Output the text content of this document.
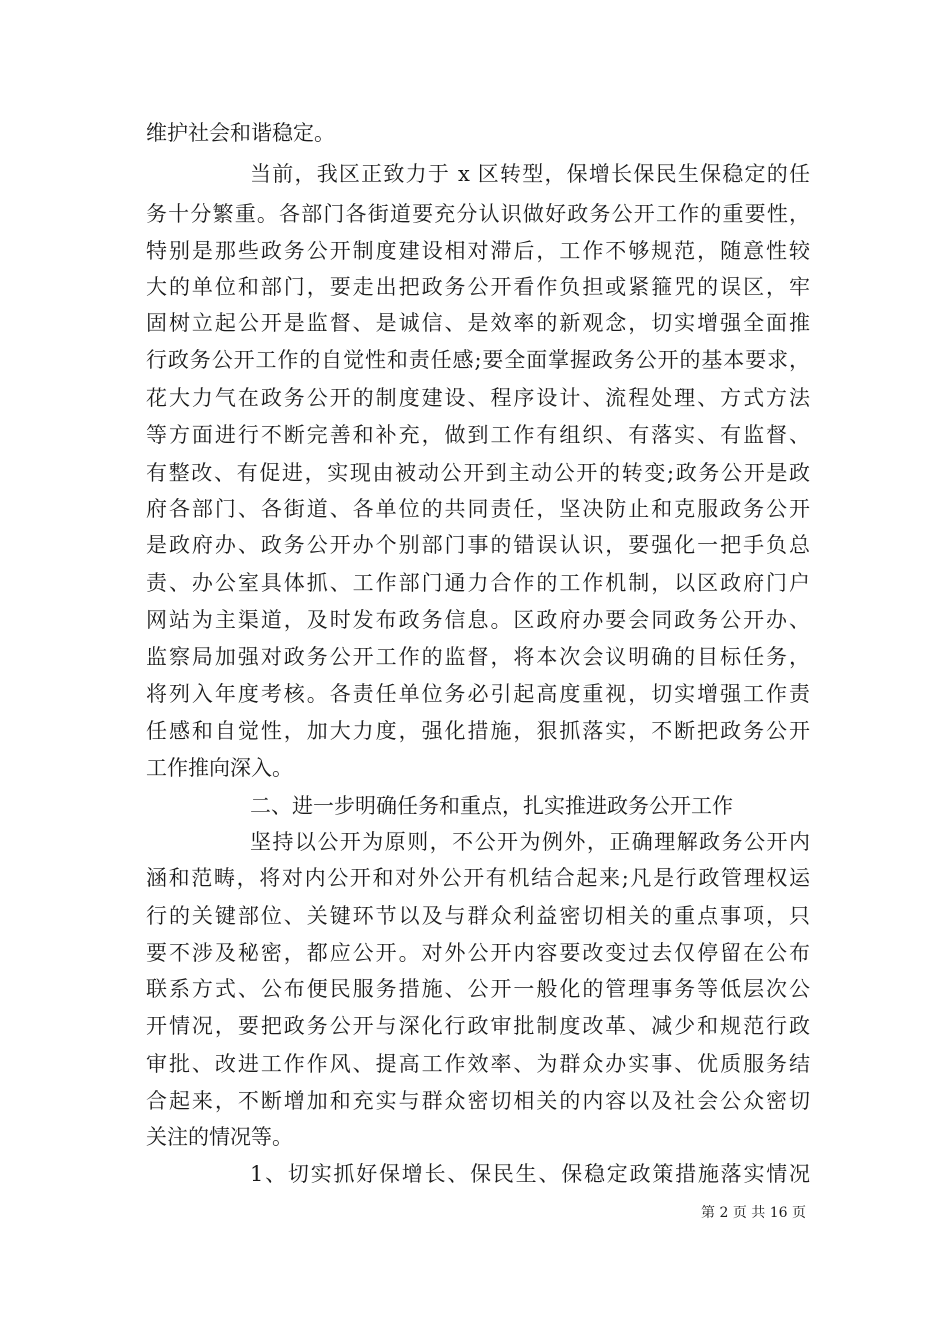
维护社会和谐稳定。
当前，我区正致力于 x 区转型，保增长保民生保稳定的任
务十分繁重。各部门各街道要充分认识做好政务公开工作的重要性，
特别是那些政务公开制度建设相对滞后，工作不够规范，随意性较
大的单位和部门，要走出把政务公开看作负担或紧箍咒的误区，牢
固树立起公开是监督、是诚信、是效率的新观念，切实增强全面推
行政务公开工作的自觉性和责任感;要全面掌握政务公开的基本要求，
花大力气在政务公开的制度建设、程序设计、流程处理、方式方法
等方面进行不断完善和补充，做到工作有组织、有落实、有监督、
有整改、有促进，实现由被动公开到主动公开的转变;政务公开是政
府各部门、各街道、各单位的共同责任，坚决防止和克服政务公开
是政府办、政务公开办个别部门事的错误认识，要强化一把手负总
责、办公室具体抓、工作部门通力合作的工作机制，以区政府门户
网站为主渠道，及时发布政务信息。区政府办要会同政务公开办、
监察局加强对政务公开工作的监督，将本次会议明确的目标任务，
将列入年度考核。各责任单位务必引起高度重视，切实增强工作责
任感和自觉性，加大力度，强化措施，狠抓落实，不断把政务公开
工作推向深入。
二、进一步明确任务和重点，扎实推进政务公开工作
坚持以公开为原则，不公开为例外，正确理解政务公开内
涵和范畴，将对内公开和对外公开有机结合起来;凡是行政管理权运
行的关键部位、关键环节以及与群众利益密切相关的重点事项，只
要不涉及秘密，都应公开。对外公开内容要改变过去仅停留在公布
联系方式、公布便民服务措施、公开一般化的管理事务等低层次公
开情况，要把政务公开与深化行政审批制度改革、减少和规范行政
审批、改进工作作风、提高工作效率、为群众办实事、优质服务结
合起来，不断增加和充实与群众密切相关的内容以及社会公众密切
关注的情况等。
1、切实抓好保增长、保民生、保稳定政策措施落实情况
第 2 页 共 16 页
